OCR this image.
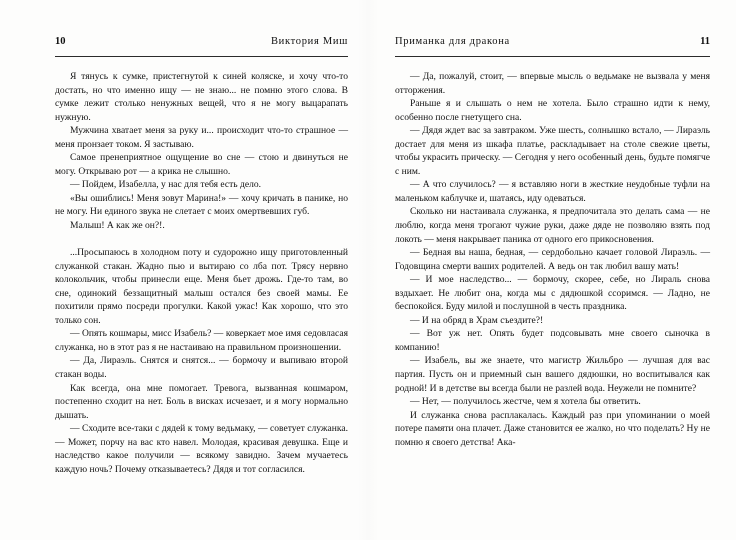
10	Виктория Миш

Я тянусь к сумке, пристегнутой к синей коляске, и хочу что-то достать, но что именно ищу — не знаю... не помню этого слова. В сумке лежит столько ненужных вещей, что я не могу выцарапать нужную.

Мужчина хватает меня за руку и... происходит что-то страшное — меня пронзает током. Я застываю.

Самое пренеприятное ощущение во сне — стою и двинуться не могу. Открываю рот — а крика не слышно.

— Пойдем, Изабелла, у нас для тебя есть дело.

«Вы ошиблись! Меня зовут Марина!» — хочу кричать в панике, но не могу. Ни единого звука не слетает с моих омертвевших губ.

Малыш! А как же он?!.

...Просыпаюсь в холодном поту и судорожно ищу приготовленный служанкой стакан. Жадно пью и вытираю со лба пот. Трясу нервно колокольчик, чтобы принесли еще. Меня бьет дрожь. Где-то там, во сне, одинокий беззащитный малыш остался без своей мамы. Ее похитили прямо посреди прогулки. Какой ужас! Как хорошо, что это только сон.

— Опять кошмары, мисс Изабель? — коверкает мое имя седовласая служанка, но в этот раз я не настаиваю на правильном произношении.

— Да, Лираэль. Снятся и снятся... — бормочу и выпиваю второй стакан воды.

Как всегда, она мне помогает. Тревога, вызванная кошмаром, постепенно сходит на нет. Боль в висках исчезает, и я могу нормально дышать.

— Сходите все-таки с дядей к тому ведьмаку, — советует служанка. — Может, порчу на вас кто навел. Молодая, красивая девушка. Еще и наследство какое получили — всякому завидно. Зачем мучаетесь каждую ночь? Почему отказываетесь? Дядя и тот согласился.

Приманка для дракона	11

— Да, пожалуй, стоит, — впервые мысль о ведьмаке не вызвала у меня отторжения.

Раньше я и слышать о нем не хотела. Было страшно идти к нему, особенно после гнетущего сна.

— Дядя ждет вас за завтраком. Уже шесть, солнышко встало, — Лираэль достает для меня из шкафа платье, раскладывает на столе свежие цветы, чтобы украсить прическу. — Сегодня у него особенный день, будьте помягче с ним.

— А что случилось? — я вставляю ноги в жесткие неудобные туфли на маленьком каблучке и, шатаясь, иду одеваться.

Сколько ни настаивала служанка, я предпочитала это делать сама — не люблю, когда меня трогают чужие руки, даже дяде не позволяю взять под локоть — меня накрывает паника от одного его прикосновения.

— Бедная вы наша, бедная, — сердобольно качает головой Лираэль. — Годовщина смерти ваших родителей. А ведь он так любил вашу мать!

— И мое наследство... — бормочу, скорее, себе, но Лираль снова вздыхает. Не любит она, когда мы с дядюшкой ссоримся. — Ладно, не беспокойся. Буду милой и послушной в честь праздника.

— И на обряд в Храм съездите?!

— Вот уж нет. Опять будет подсовывать мне своего сыночка в компанию!

— Изабель, вы же знаете, что магистр Жильбро — лучшая для вас партия. Пусть он и приемный сын вашего дядюшки, но воспитывался как родной! И в детстве вы всегда были не разлей вода. Неужели не помните?

— Нет, — получилось жестче, чем я хотела бы ответить.

И служанка снова расплакалась. Каждый раз при упоминании о моей потере памяти она плачет. Даже становится ее жалко, но что поделать? Ну не помню я своего детства! Ака-
